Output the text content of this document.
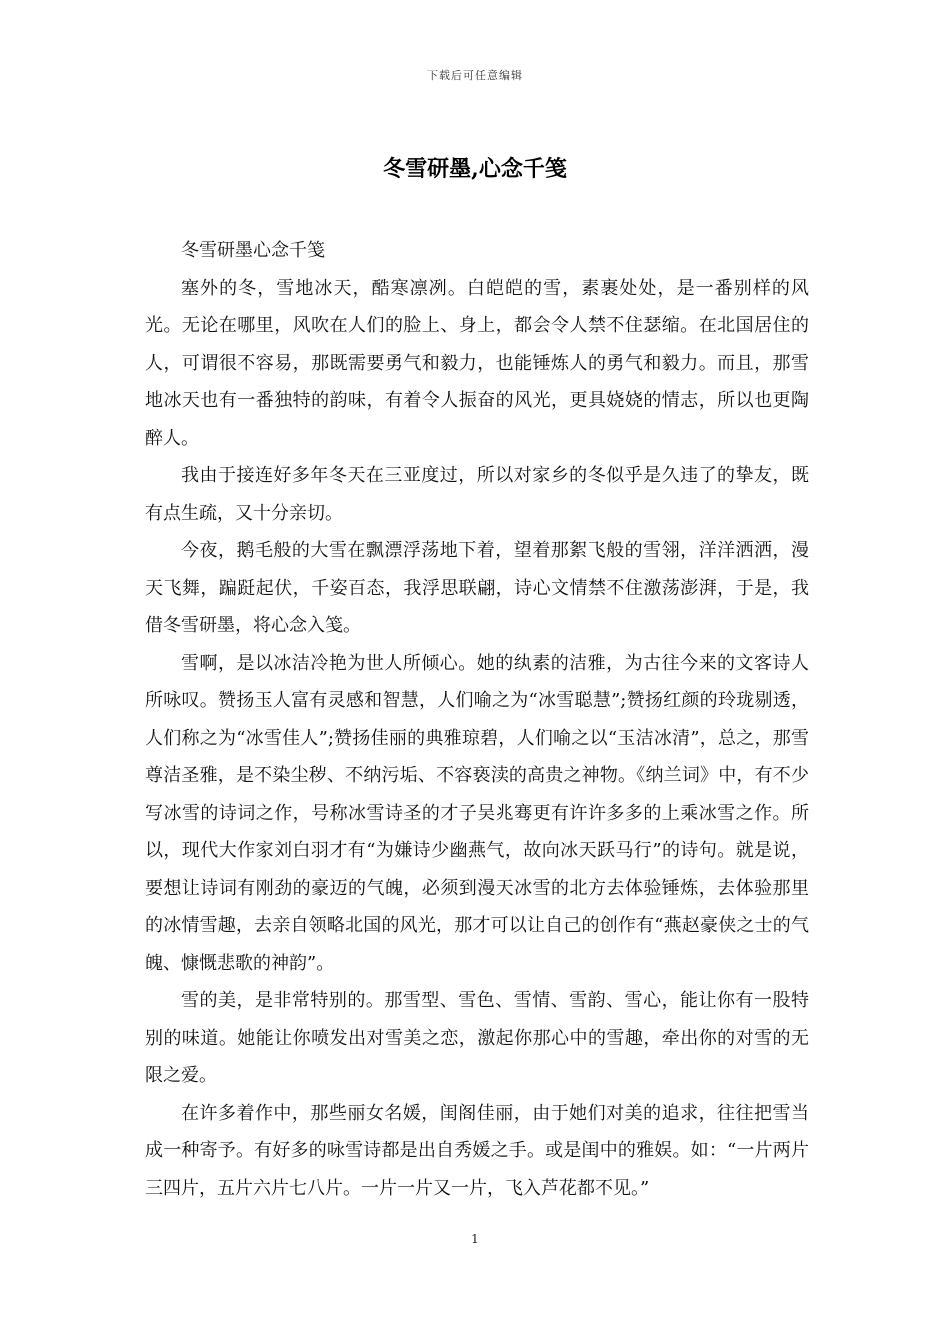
下载后可任意编辑
冬雪研墨,心念千笺

冬雪研墨心念千笺

塞外的冬，雪地冰天，酷寒凛冽。白皑皑的雪，素裹处处，是一番别样的风光。无论在哪里，风吹在人们的脸上、身上，都会令人禁不住瑟缩。在北国居住的人，可谓很不容易，那既需要勇气和毅力，也能锤炼人的勇气和毅力。而且，那雪地冰天也有一番独特的韵味，有着令人振奋的风光，更具娆娆的情志，所以也更陶醉人。

我由于接连好多年冬天在三亚度过，所以对家乡的冬似乎是久违了的挚友，既有点生疏，又十分亲切。

今夜，鹅毛般的大雪在飘漂浮荡地下着，望着那絮飞般的雪翎，洋洋洒洒，漫天飞舞，蹁跹起伏，千姿百态，我浮思联翩，诗心文情禁不住激荡澎湃，于是，我借冬雪研墨，将心念入笺。

雪啊，是以冰洁冷艳为世人所倾心。她的纨素的洁雅，为古往今来的文客诗人所咏叹。赞扬玉人富有灵感和智慧，人们喻之为“冰雪聪慧”;赞扬红颜的玲珑剔透，人们称之为“冰雪佳人”;赞扬佳丽的典雅琼碧，人们喻之以“玉洁冰清”，总之，那雪尊洁圣雅，是不染尘秽、不纳污垢、不容亵渎的高贵之神物。《纳兰词》中，有不少写冰雪的诗词之作，号称冰雪诗圣的才子吴兆骞更有许许多多的上乘冰雪之作。所以，现代大作家刘白羽才有“为嫌诗少幽燕气，故向冰天跃马行”的诗句。就是说，要想让诗词有刚劲的豪迈的气魄，必须到漫天冰雪的北方去体验锤炼，去体验那里的冰情雪趣，去亲自领略北国的风光，那才可以让自己的创作有“燕赵豪侠之士的气魄、慷慨悲歌的神韵”。

雪的美，是非常特别的。那雪型、雪色、雪情、雪韵、雪心，能让你有一股特别的味道。她能让你喷发出对雪美之恋，激起你那心中的雪趣，牵出你的对雪的无限之爱。

在许多着作中，那些丽女名媛，闺阁佳丽，由于她们对美的追求，往往把雪当成一种寄予。有好多的咏雪诗都是出自秀媛之手。或是闺中的雅娱。如：“一片两片三四片，五片六片七八片。一片一片又一片，飞入芦花都不见。”

1
